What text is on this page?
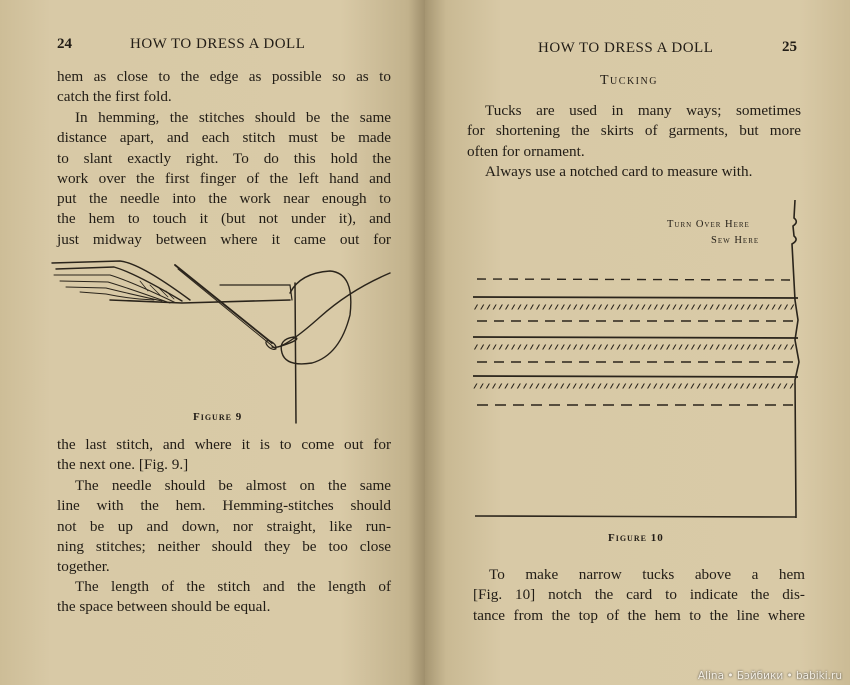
24	HOW TO DRESS A DOLL
hem as close to the edge as possible so as to
catch the first fold.
In hemming, the stitches should be the same
distance apart, and each stitch must be made
to slant exactly right. To do this hold the
work over the first finger of the left hand and
put the needle into the work near enough to
the hem to touch it (but not under it), and
just midway between where it came out for
Figure 9
the last stitch, and where it is to come out for
the next one. [Fig. 9.]
The needle should be almost on the same
line with the hem. Hemming-stitches should
not be up and down, nor straight, like run-
ning stitches; neither should they be too close
together.
The length of the stitch and the length of
the space between should be equal.
HOW TO DRESS A DOLL	25
Tucking
Tucks are used in many ways; sometimes
for shortening the skirts of garments, but more
often for ornament.
Always use a notched card to measure with.
Turn Over Here
Sew Here
Figure 10
To make narrow tucks above a hem
[Fig. 10] notch the card to indicate the dis-
tance from the top of the hem to the line where
Alina • Бэйбики • babiki.ru
